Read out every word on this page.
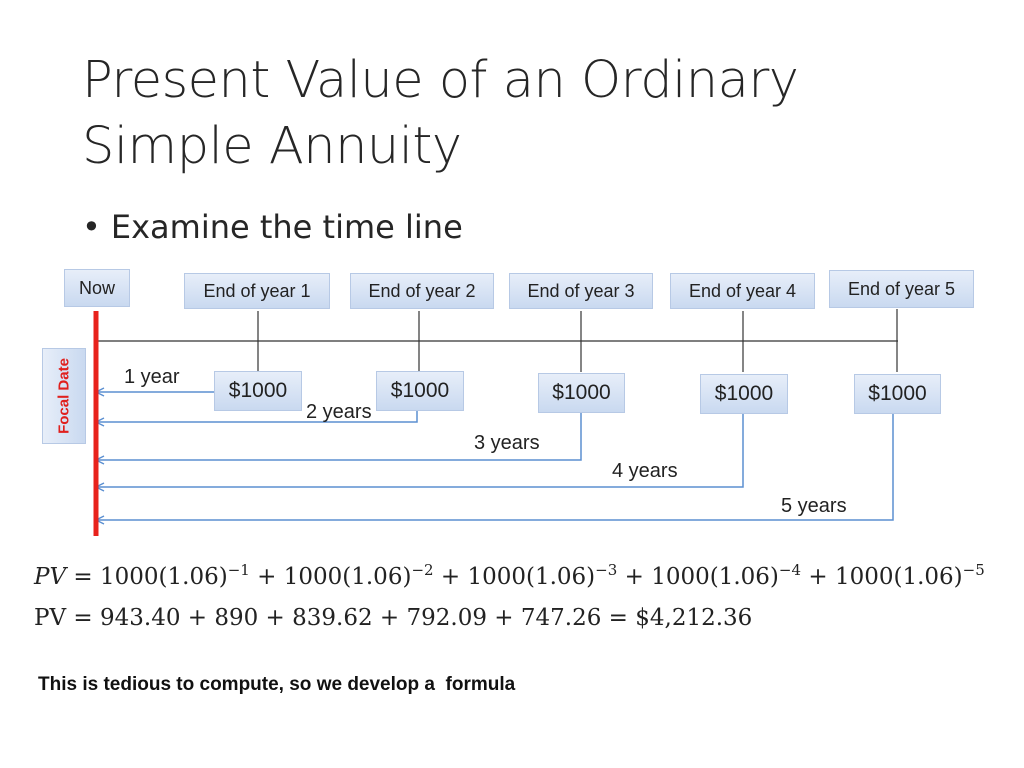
Present Value of an Ordinary
Simple Annuity
• Examine the time line
Now	End of year 1	End of year 2	End of year 3	End of year 4	End of year 5
$1000	$1000	$1000	$1000	$1000
Focal Date	1 year
2 years
3 years
4 years
5 years
PV = $1000(1.06)^{-1} + 1000(1.06)^{-2} + 1000(1.06)^{-3} + 1000(1.06)^{-4} + 1000(1.06)^{-5}$
PV = 943.40 + 890 + 839.62 + 792.09 + 747.26 = $4,212.36
This is tedious to compute, so we develop a  formula
